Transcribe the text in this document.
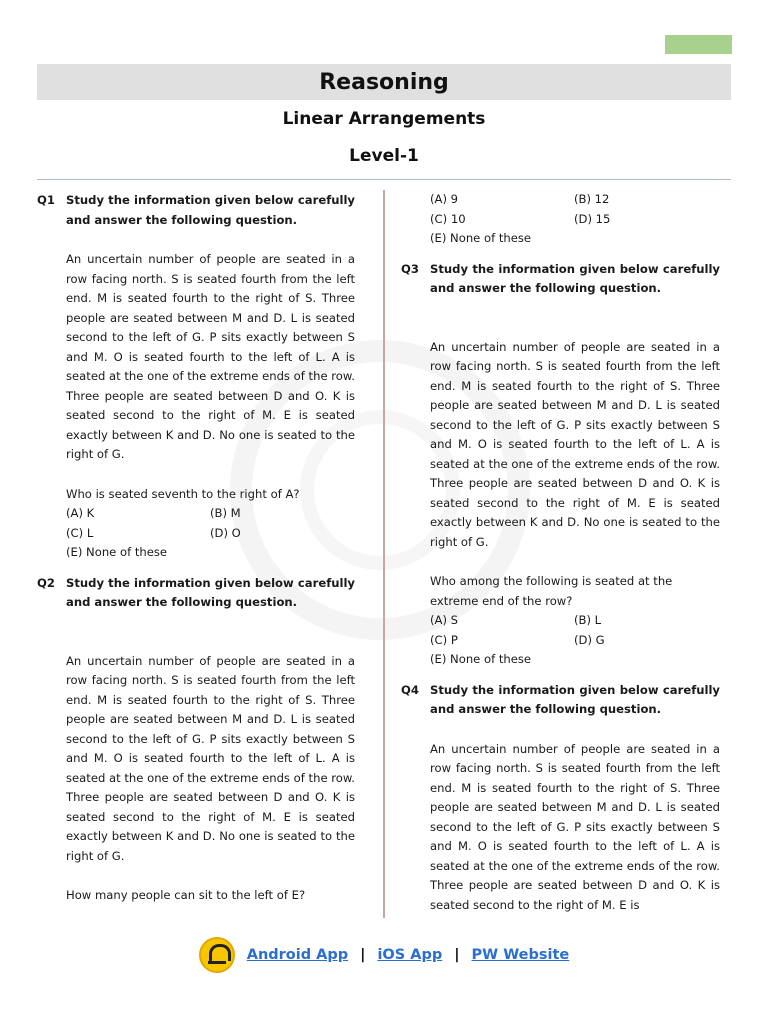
Reasoning
Linear Arrangements
Level-1
Q1 Study the information given below carefully and answer the following question.
An uncertain number of people are seated in a row facing north. S is seated fourth from the left end. M is seated fourth to the right of S. Three people are seated between M and D. L is seated second to the left of G. P sits exactly between S and M. O is seated fourth to the left of L. A is seated at the one of the extreme ends of the row. Three people are seated between D and O. K is seated second to the right of M. E is seated exactly between K and D. No one is seated to the right of G.
Who is seated seventh to the right of A?
(A) K	(B) M
(C) L	(D) O
(E) None of these
Q2 Study the information given below carefully and answer the following question.
An uncertain number of people are seated in a row facing north. S is seated fourth from the left end. M is seated fourth to the right of S. Three people are seated between M and D. L is seated second to the left of G. P sits exactly between S and M. O is seated fourth to the left of L. A is seated at the one of the extreme ends of the row. Three people are seated between D and O. K is seated second to the right of M. E is seated exactly between K and D. No one is seated to the right of G.
How many people can sit to the left of E?
(A) 9	(B) 12
(C) 10	(D) 15
(E) None of these
Q3 Study the information given below carefully and answer the following question.
An uncertain number of people are seated in a row facing north. S is seated fourth from the left end. M is seated fourth to the right of S. Three people are seated between M and D. L is seated second to the left of G. P sits exactly between S and M. O is seated fourth to the left of L. A is seated at the one of the extreme ends of the row. Three people are seated between D and O. K is seated second to the right of M. E is seated exactly between K and D. No one is seated to the right of G.
Who among the following is seated at the extreme end of the row?
(A) S	(B) L
(C) P	(D) G
(E) None of these
Q4 Study the information given below carefully and answer the following question.
An uncertain number of people are seated in a row facing north. S is seated fourth from the left end. M is seated fourth to the right of S. Three people are seated between M and D. L is seated second to the left of G. P sits exactly between S and M. O is seated fourth to the left of L. A is seated at the one of the extreme ends of the row. Three people are seated between D and O. K is seated second to the right of M. E is
Android App | iOS App | PW Website
